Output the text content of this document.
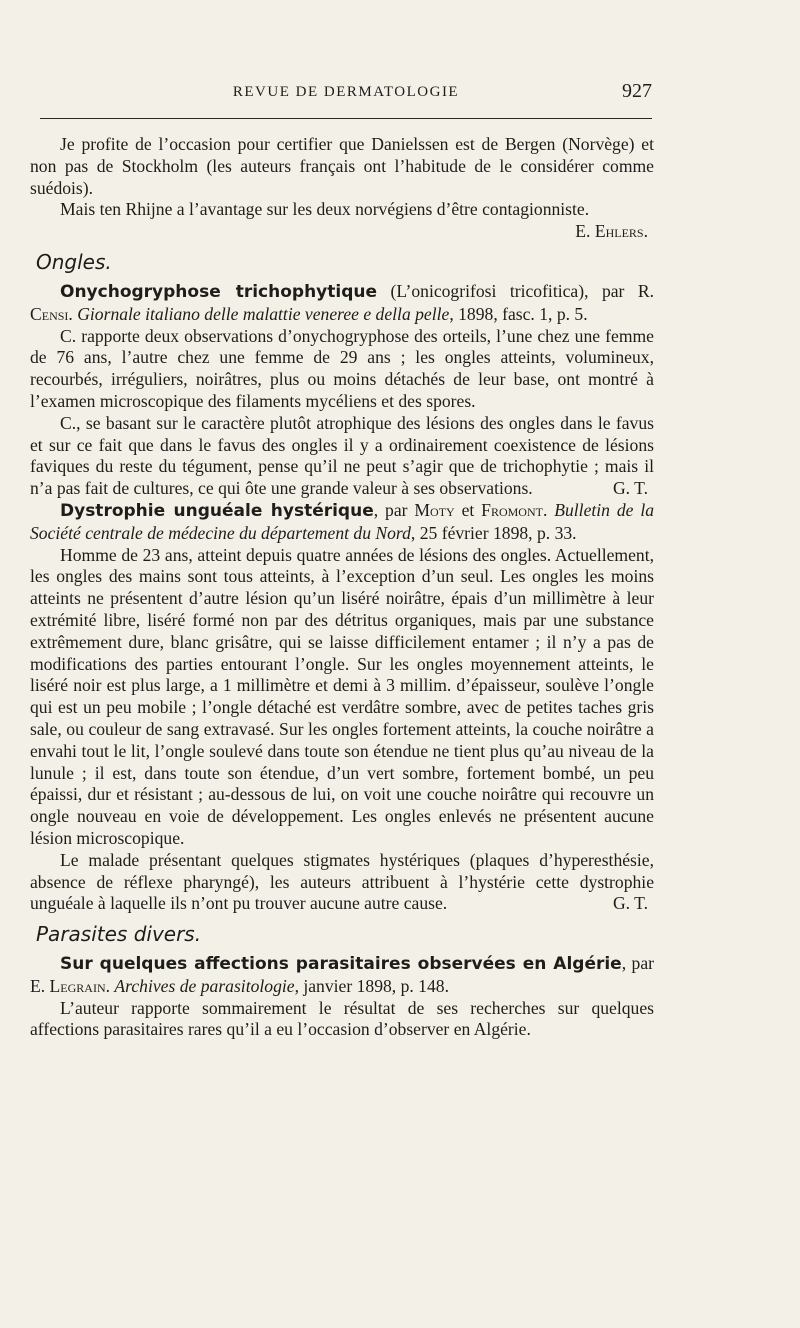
REVUE DE DERMATOLOGIE	927

Je profite de l’occasion pour certifier que Danielssen est de Bergen (Norvège) et non pas de Stockholm (les auteurs français ont l’habitude de le considérer comme suédois).

Mais ten Rhijne a l’avantage sur les deux norvégiens d’être contagionniste.
E. Ehlers.

Ongles.

Onychogryphose trichophytique (L’onicogrifosi tricofitica), par R. Censi. Giornale italiano delle malattie veneree e della pelle, 1898, fasc. 1, p. 5.

C. rapporte deux observations d’onychogryphose des orteils, l’une chez une femme de 76 ans, l’autre chez une femme de 29 ans ; les ongles atteints, volumineux, recourbés, irréguliers, noirâtres, plus ou moins détachés de leur base, ont montré à l’examen microscopique des filaments mycéliens et des spores.

C., se basant sur le caractère plutôt atrophique des lésions des ongles dans le favus et sur ce fait que dans le favus des ongles il y a ordinairement coexistence de lésions faviques du reste du tégument, pense qu’il ne peut s’agir que de trichophytie ; mais il n’a pas fait de cultures, ce qui ôte une grande valeur à ses observations.	G. T.

Dystrophie unguéale hystérique, par Moty et Fromont. Bulletin de la Société centrale de médecine du département du Nord, 25 février 1898, p. 33.

Homme de 23 ans, atteint depuis quatre années de lésions des ongles. Actuellement, les ongles des mains sont tous atteints, à l’exception d’un seul. Les ongles les moins atteints ne présentent d’autre lésion qu’un liséré noirâtre, épais d’un millimètre à leur extrémité libre, liséré formé non par des détritus organiques, mais par une substance extrêmement dure, blanc grisâtre, qui se laisse difficilement entamer ; il n’y a pas de modifications des parties entourant l’ongle. Sur les ongles moyennement atteints, le liséré noir est plus large, a 1 millimètre et demi à 3 millim. d’épaisseur, soulève l’ongle qui est un peu mobile ; l’ongle détaché est verdâtre sombre, avec de petites taches gris sale, ou couleur de sang extravasé. Sur les ongles fortement atteints, la couche noirâtre a envahi tout le lit, l’ongle soulevé dans toute son étendue ne tient plus qu’au niveau de la lunule ; il est, dans toute son étendue, d’un vert sombre, fortement bombé, un peu épaissi, dur et résistant ; au-dessous de lui, on voit une couche noirâtre qui recouvre un ongle nouveau en voie de développement. Les ongles enlevés ne présentent aucune lésion microscopique.

Le malade présentant quelques stigmates hystériques (plaques d’hyperesthésie, absence de réflexe pharyngé), les auteurs attribuent à l’hystérie cette dystrophie unguéale à laquelle ils n’ont pu trouver aucune autre cause.	G. T.

Parasites divers.

Sur quelques affections parasitaires observées en Algérie, par E. Legrain. Archives de parasitologie, janvier 1898, p. 148.

L’auteur rapporte sommairement le résultat de ses recherches sur quelques affections parasitaires rares qu’il a eu l’occasion d’observer en Algérie.
